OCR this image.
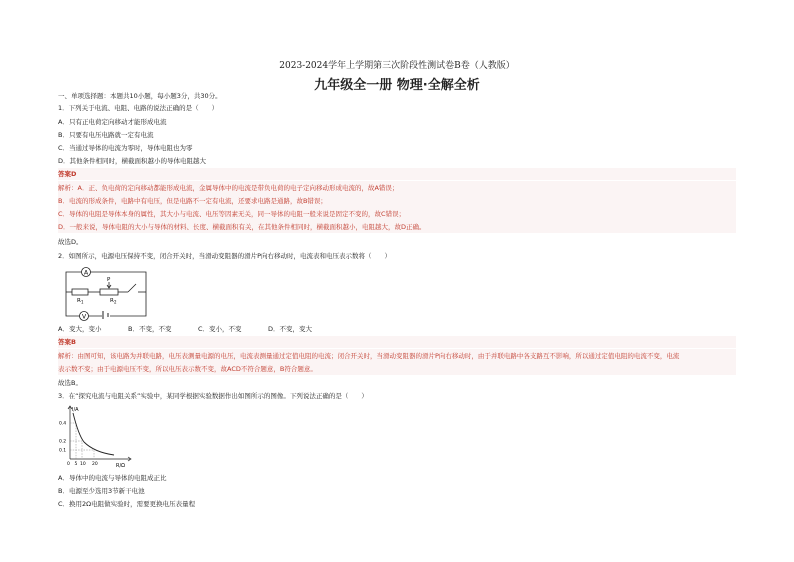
2023-2024学年上学期第三次阶段性测试卷B卷（人教版）
九年级全一册 物理·全解全析
一、单项选择题：本题共10小题，每小题3分，共30分。
1．下列关于电流、电阻、电路的说法正确的是（　　）
A．只有正电荷定向移动才能形成电流
B．只要有电压电路就一定有电流
C．当通过导体的电流为零时，导体电阻也为零
D．其他条件相同时，横截面积越小的导体电阻越大
答案D
解析：A．正、负电荷的定向移动都能形成电流，金属导体中的电流是带负电荷的电子定向移动形成电流的，故A错误；
B．电流的形成条件，电路中有电压，但是电路不一定有电流，还要求电路是通路，故B错误；
C．导体的电阻是导体本身的属性，其大小与电流、电压等因素无关，同一导体的电阻一般来说是固定不变的，故C错误；
D．一般来说，导体电阻的大小与导体的材料、长度、横截面积有关，在其他条件相同时，横截面积越小，电阻越大，故D正确。
故选D。
2．如图所示，电源电压保持不变，闭合开关时，当滑动变阻器的滑片P向右移动时，电流表和电压表示数将（　　）
A
V
R 1	R 2
P
A．变大，变小	B．不变，不变	C．变小，不变	D．不变，变大
答案B
解析：由图可知，该电路为并联电路，电压表测量电源的电压，电流表测量通过定值电阻的电流；闭合开关时，当滑动变阻器的滑片P向右移动时，由于并联电路中各支路互不影响，所以通过定值电阻的电流不变，电流
表示数不变；由于电源电压不变，所以电压表示数不变，故ACD不符合题意，B符合题意。
故选B。
3．在“探究电流与电阻关系”实验中，某同学根据实验数据作出如图所示的图像。下列说法正确的是（　　）
I/A
R/Ω
0
0.4
0.2
0.1
5 10 20
A．导体中的电流与导体的电阻成正比
B．电源至少选用3节新干电池
C．换用2Ω电阻做实验时，需要更换电压表量程
